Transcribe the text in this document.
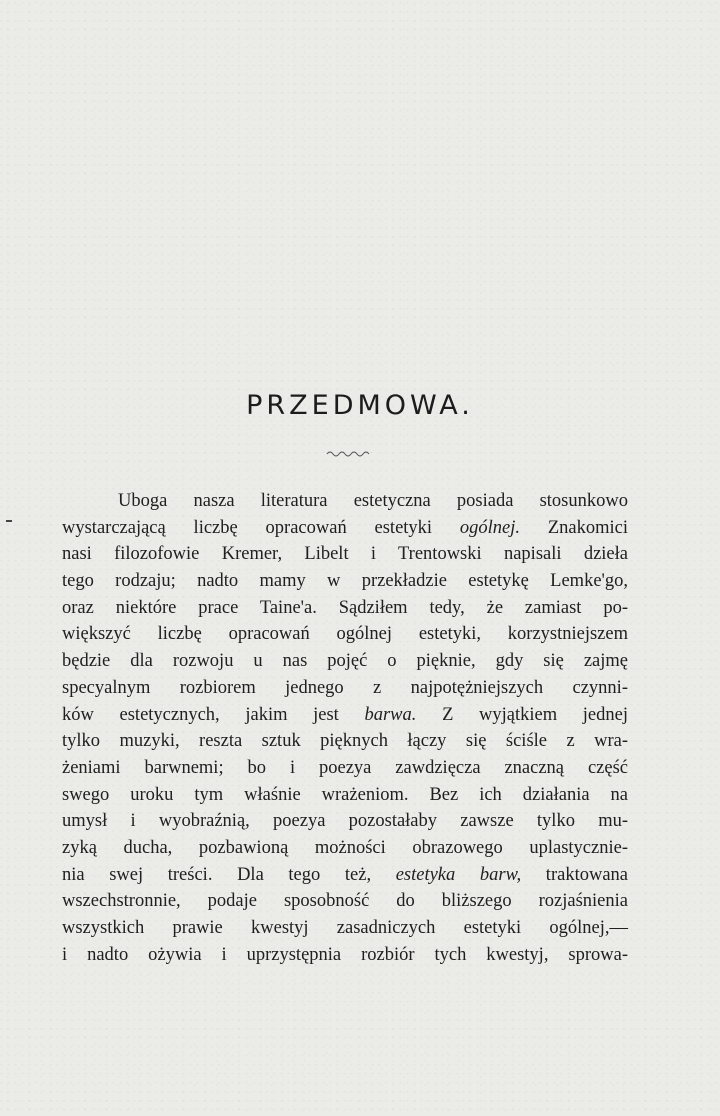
PRZEDMOWA.
Uboga nasza literatura estetyczna posiada stosunkowo
wystarczającą liczbę opracowań estetyki ogólnej. Znakomici
nasi filozofowie Kremer, Libelt i Trentowski napisali dzieła
tego rodzaju; nadto mamy w przekładzie estetykę Lemke'go,
oraz niektóre prace Taine'a. Sądziłem tedy, że zamiast po-
większyć liczbę opracowań ogólnej estetyki, korzystniejszem
będzie dla rozwoju u nas pojęć o pięknie, gdy się zajmę
specyalnym rozbiorem jednego z najpotężniejszych czynni-
ków estetycznych, jakim jest barwa. Z wyjątkiem jednej
tylko muzyki, reszta sztuk pięknych łączy się ściśle z wra-
żeniami barwnemi; bo i poezya zawdzięcza znaczną część
swego uroku tym właśnie wrażeniom. Bez ich działania na
umysł i wyobraźnią, poezya pozostałaby zawsze tylko mu-
zyką ducha, pozbawioną możności obrazowego uplastycznie-
nia swej treści. Dla tego też, estetyka barw, traktowana
wszechstronnie, podaje sposobność do bliższego rozjaśnienia
wszystkich prawie kwestyj zasadniczych estetyki ogólnej,—
i nadto ożywia i uprzystępnia rozbiór tych kwestyj, sprowa-
